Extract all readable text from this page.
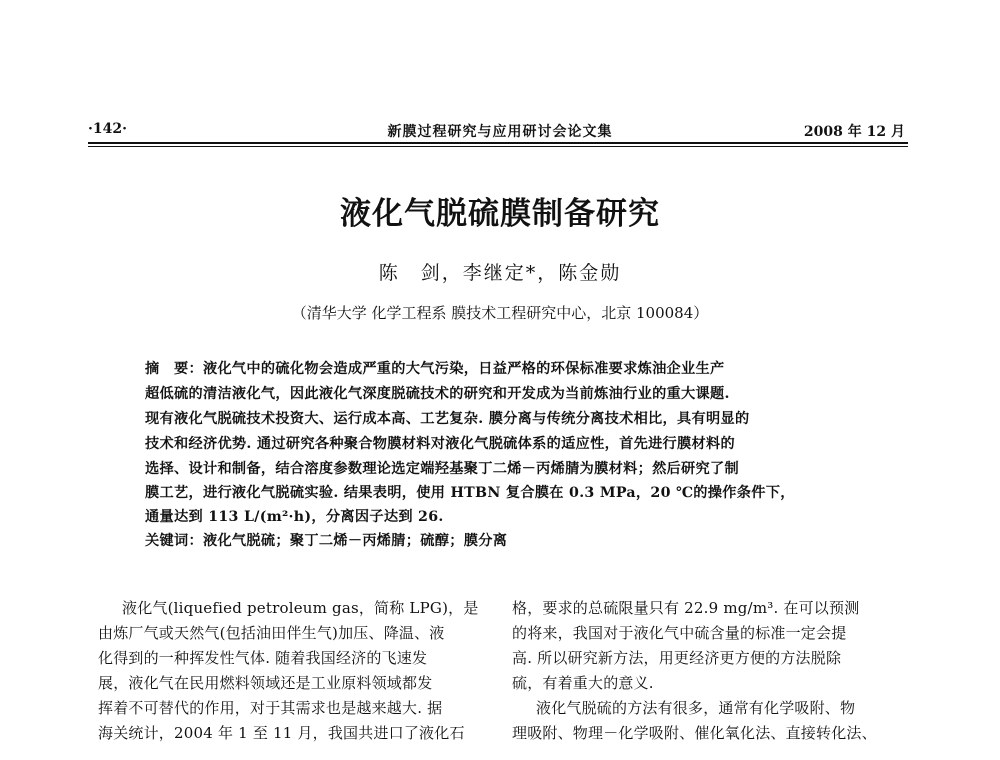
·142·	新膜过程研究与应用研讨会论文集	2008 年 12 月
液化气脱硫膜制备研究
陈　剑，李继定*，陈金勋
（清华大学 化学工程系 膜技术工程研究中心，北京 100084）
摘　要：液化气中的硫化物会造成严重的大气污染，日益严格的环保标准要求炼油企业生产
超低硫的清洁液化气，因此液化气深度脱硫技术的研究和开发成为当前炼油行业的重大课题.
现有液化气脱硫技术投资大、运行成本高、工艺复杂. 膜分离与传统分离技术相比，具有明显的
技术和经济优势. 通过研究各种聚合物膜材料对液化气脱硫体系的适应性，首先进行膜材料的
选择、设计和制备，结合溶度参数理论选定端羟基聚丁二烯－丙烯腈为膜材料；然后研究了制
膜工艺，进行液化气脱硫实验. 结果表明，使用 HTBN 复合膜在 0.3 MPa，20 ℃的操作条件下，
通量达到 113 L/(m²·h)，分离因子达到 26.
关键词：液化气脱硫；聚丁二烯－丙烯腈；硫醇；膜分离
液化气(liquefied petroleum gas，简称 LPG)，是
由炼厂气或天然气(包括油田伴生气)加压、降温、液
化得到的一种挥发性气体. 随着我国经济的飞速发
展，液化气在民用燃料领域还是工业原料领域都发
挥着不可替代的作用，对于其需求也是越来越大. 据
海关统计，2004 年 1 至 11 月，我国共进口了液化石
格，要求的总硫限量只有 22.9 mg/m³. 在可以预测
的将来，我国对于液化气中硫含量的标准一定会提
高. 所以研究新方法，用更经济更方便的方法脱除
硫，有着重大的意义.
液化气脱硫的方法有很多，通常有化学吸附、物
理吸附、物理－化学吸附、催化氧化法、直接转化法、
